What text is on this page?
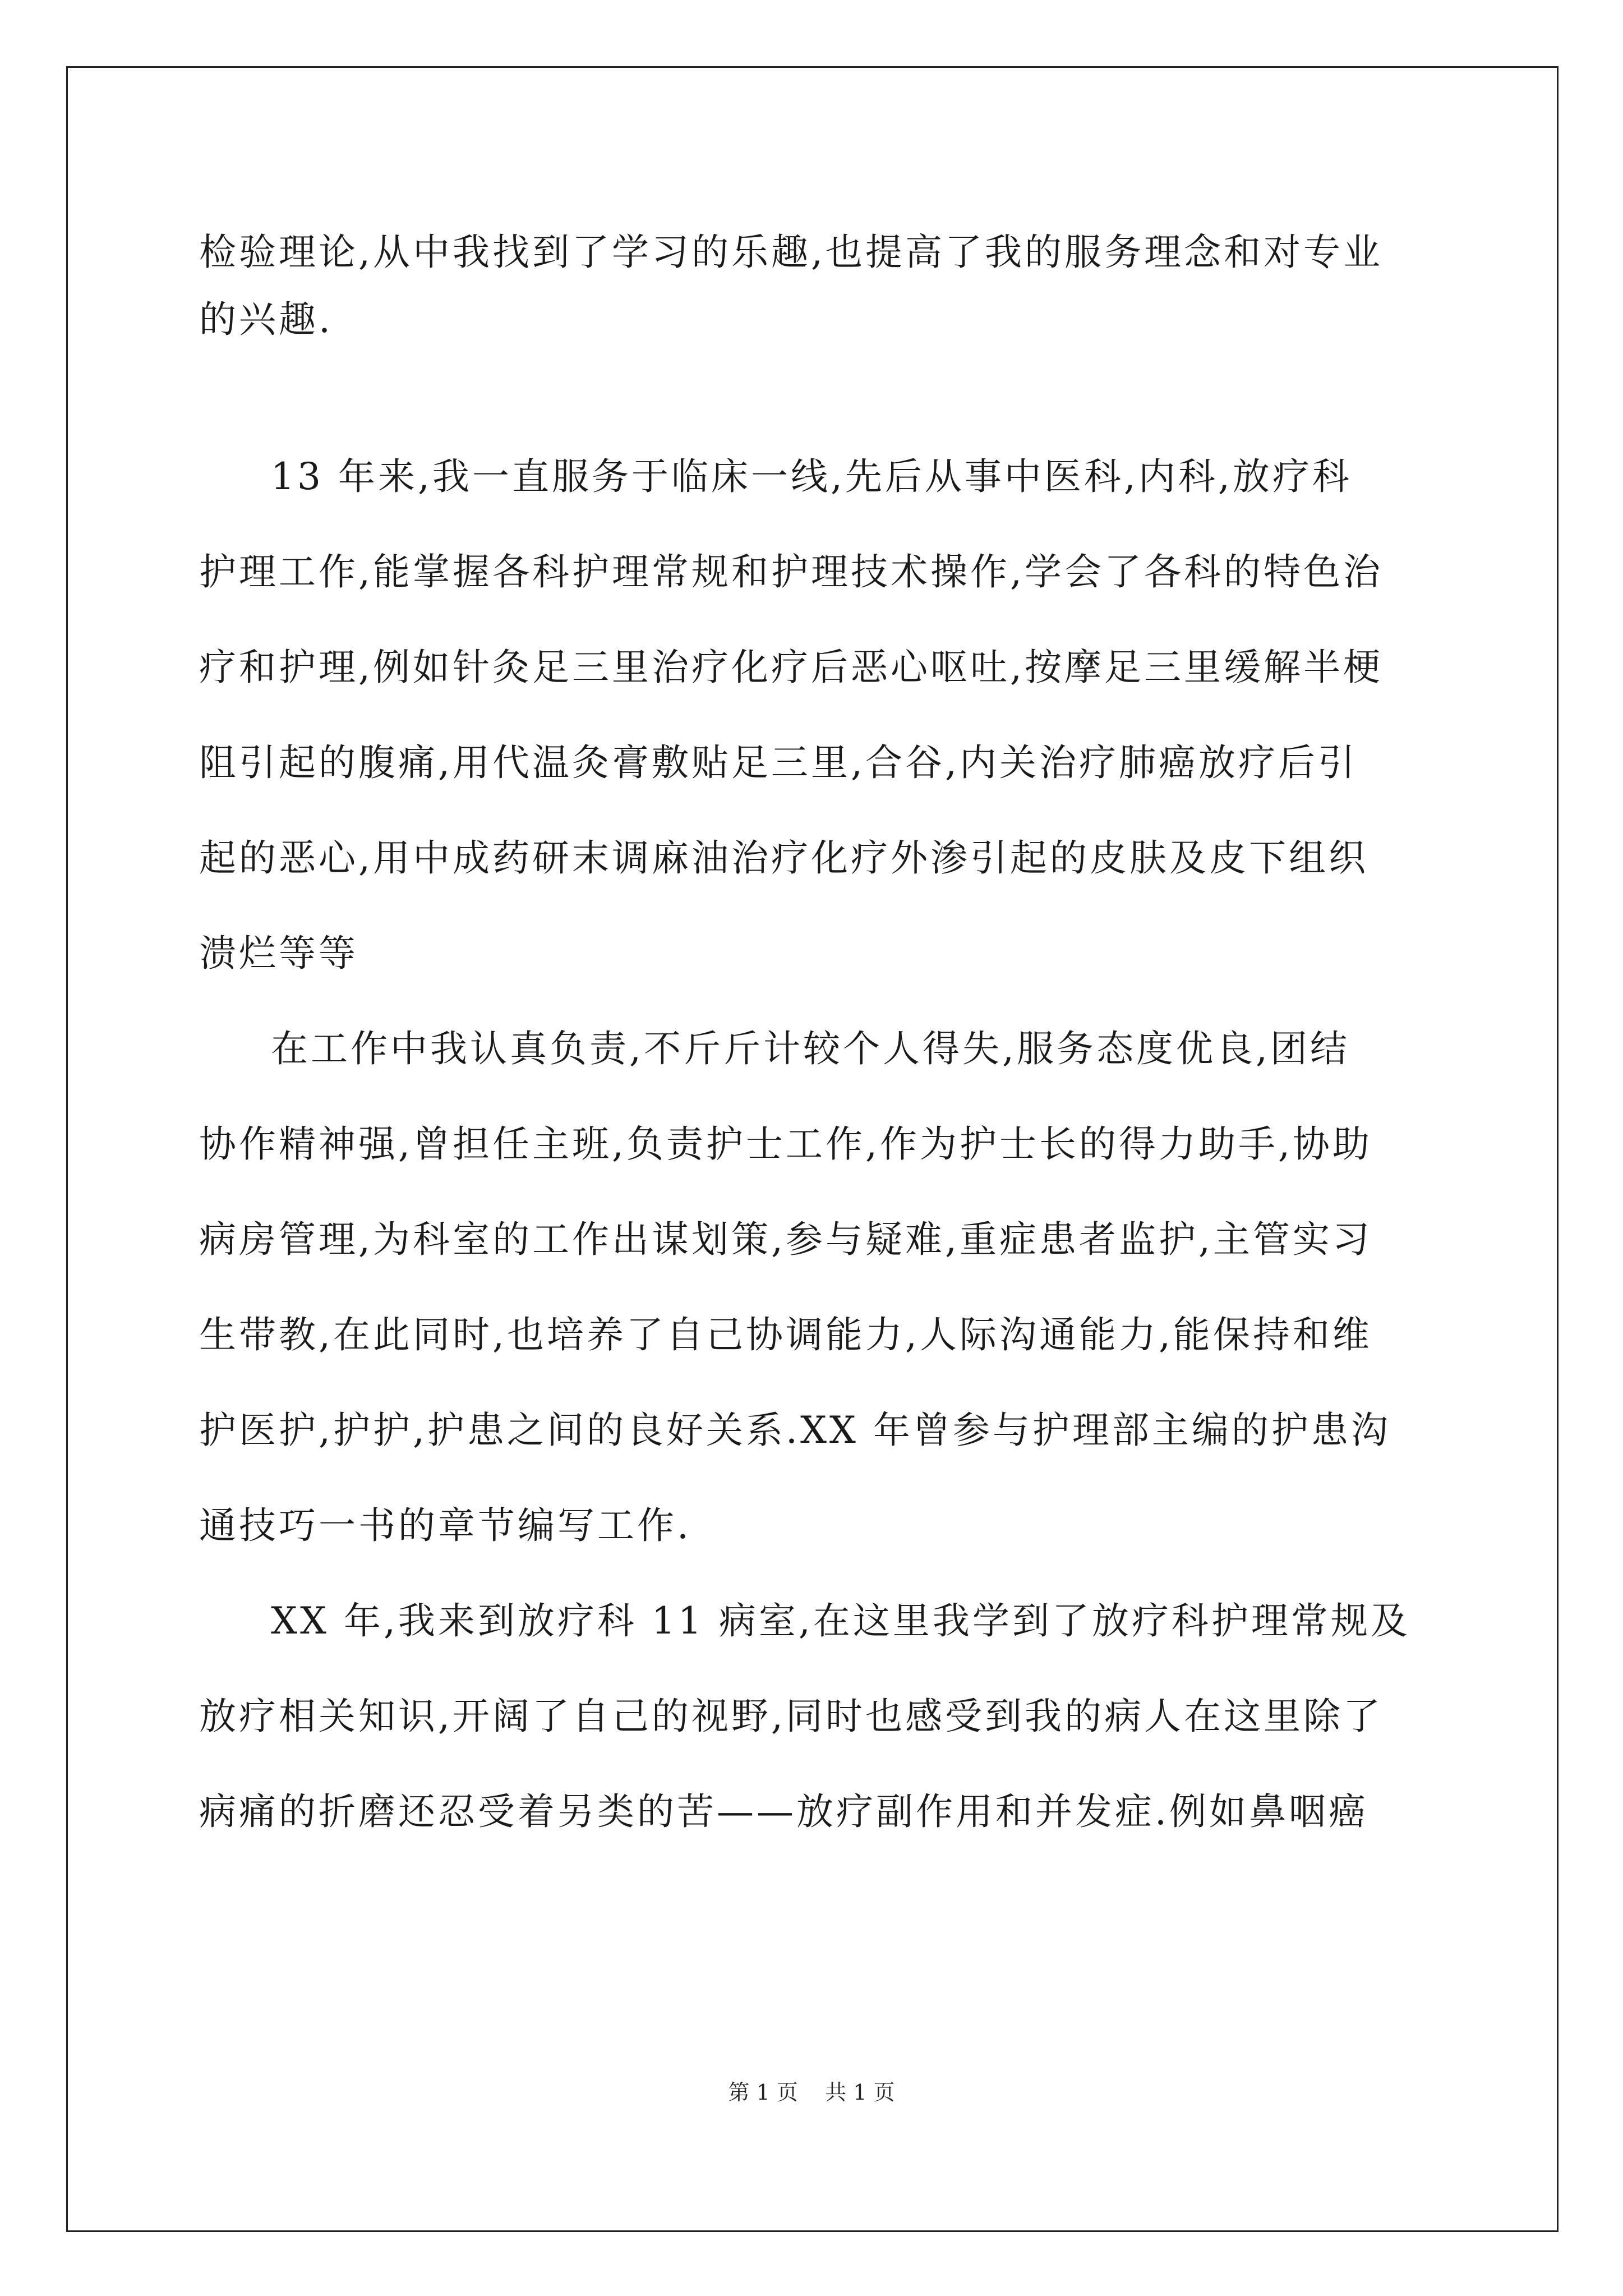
检验理论,从中我找到了学习的乐趣,也提高了我的服务理念和对专业
的兴趣.
13 年来,我一直服务于临床一线,先后从事中医科,内科,放疗科
护理工作,能掌握各科护理常规和护理技术操作,学会了各科的特色治
疗和护理,例如针灸足三里治疗化疗后恶心呕吐,按摩足三里缓解半梗
阻引起的腹痛,用代温灸膏敷贴足三里,合谷,内关治疗肺癌放疗后引
起的恶心,用中成药研末调麻油治疗化疗外渗引起的皮肤及皮下组织
溃烂等等
在工作中我认真负责,不斤斤计较个人得失,服务态度优良,团结
协作精神强,曾担任主班,负责护士工作,作为护士长的得力助手,协助
病房管理,为科室的工作出谋划策,参与疑难,重症患者监护,主管实习
生带教,在此同时,也培养了自己协调能力,人际沟通能力,能保持和维
护医护,护护,护患之间的良好关系.XX 年曾参与护理部主编的护患沟
通技巧一书的章节编写工作.
XX 年,我来到放疗科 11 病室,在这里我学到了放疗科护理常规及
放疗相关知识,开阔了自己的视野,同时也感受到我的病人在这里除了
病痛的折磨还忍受着另类的苦——放疗副作用和并发症.例如鼻咽癌
第 1 页    共 1 页
